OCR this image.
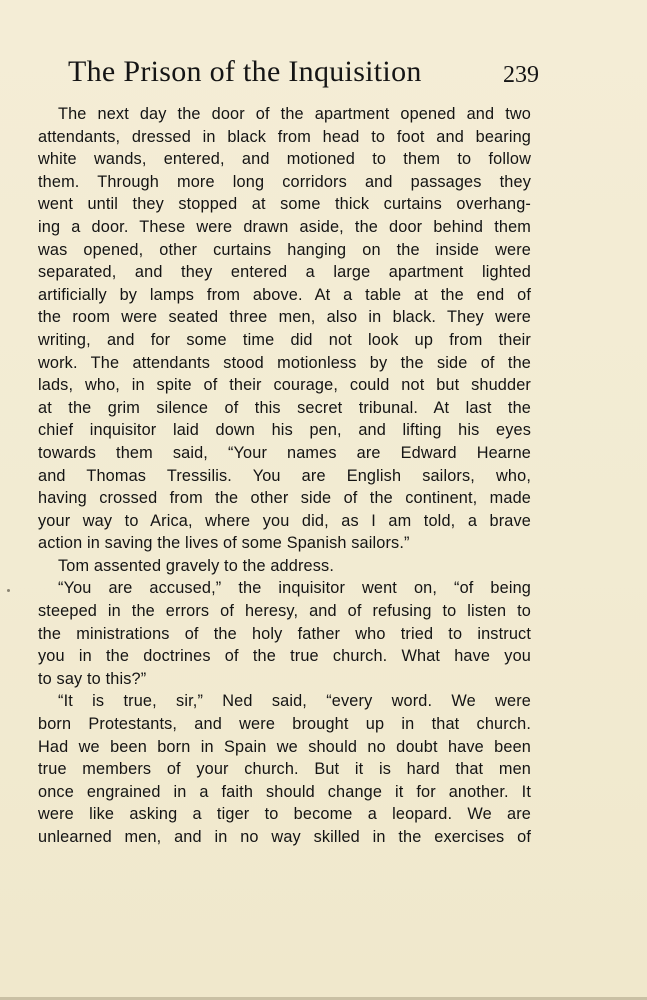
The Prison of the Inquisition	239
The next day the door of the apartment opened and two
attendants, dressed in black from head to foot and bearing
white wands, entered, and motioned to them to follow
them. Through more long corridors and passages they
went until they stopped at some thick curtains overhang-
ing a door. These were drawn aside, the door behind them
was opened, other curtains hanging on the inside were
separated, and they entered a large apartment lighted
artificially by lamps from above. At a table at the end of
the room were seated three men, also in black. They were
writing, and for some time did not look up from their
work. The attendants stood motionless by the side of the
lads, who, in spite of their courage, could not but shudder
at the grim silence of this secret tribunal. At last the
chief inquisitor laid down his pen, and lifting his eyes
towards them said, “Your names are Edward Hearne
and Thomas Tressilis. You are English sailors, who,
having crossed from the other side of the continent, made
your way to Arica, where you did, as I am told, a brave
action in saving the lives of some Spanish sailors.”
Tom assented gravely to the address.
“You are accused,” the inquisitor went on, “of being
steeped in the errors of heresy, and of refusing to listen to
the ministrations of the holy father who tried to instruct
you in the doctrines of the true church. What have you
to say to this?”
“It is true, sir,” Ned said, “every word. We were
born Protestants, and were brought up in that church.
Had we been born in Spain we should no doubt have been
true members of your church. But it is hard that men
once engrained in a faith should change it for another. It
were like asking a tiger to become a leopard. We are
unlearned men, and in no way skilled in the exercises of
